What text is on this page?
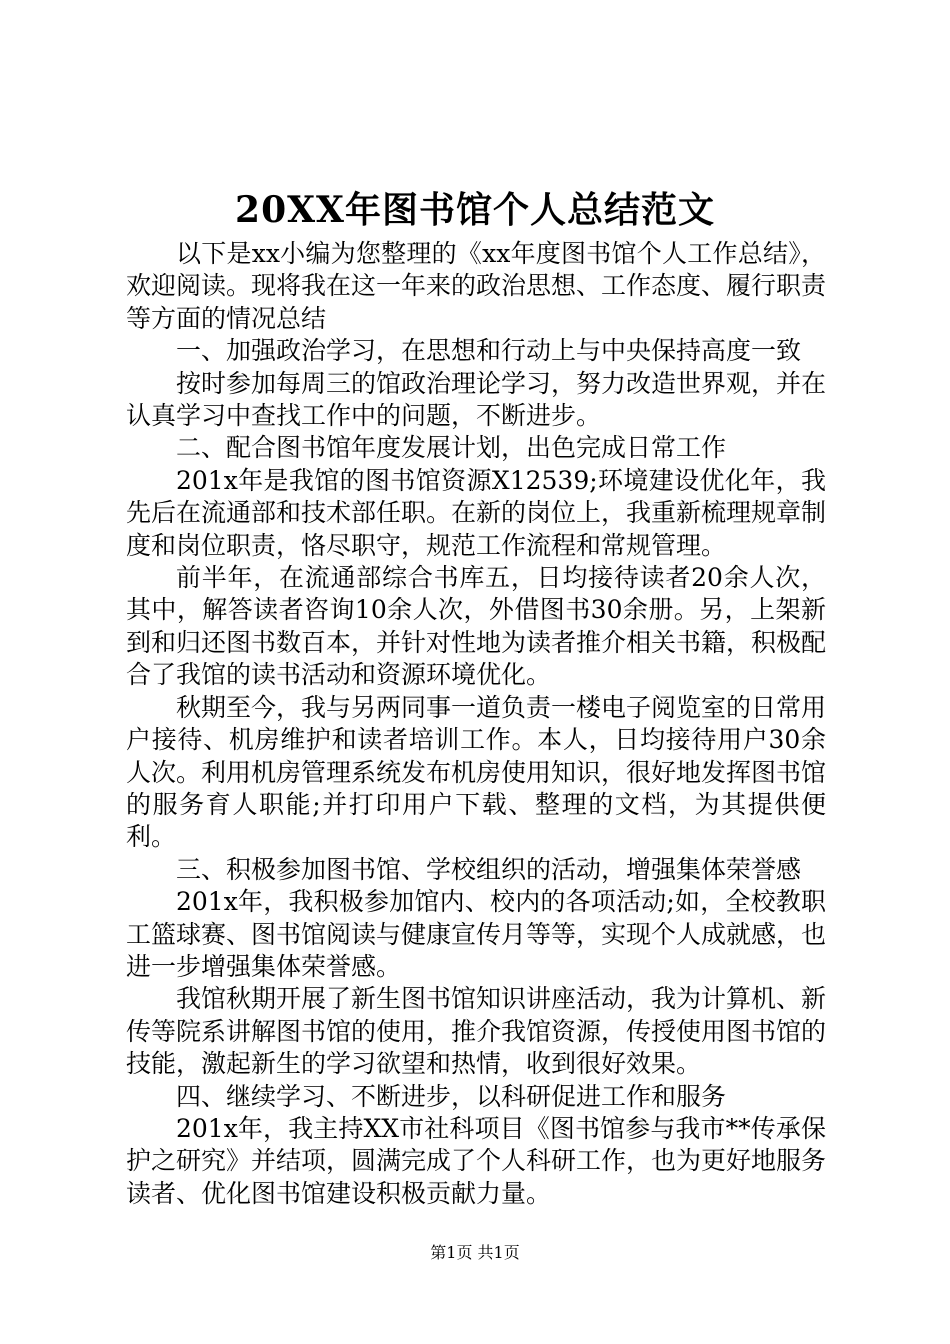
20XX年图书馆个人总结范文

以下是xx小编为您整理的《xx年度图书馆个人工作总结》，欢迎阅读。现将我在这一年来的政治思想、工作态度、履行职责等方面的情况总结

一、加强政治学习，在思想和行动上与中央保持高度一致

按时参加每周三的馆政治理论学习，努力改造世界观，并在认真学习中查找工作中的问题，不断进步。

二、配合图书馆年度发展计划，出色完成日常工作

201x年是我馆的图书馆资源X12539;环境建设优化年，我先后在流通部和技术部任职。在新的岗位上，我重新梳理规章制度和岗位职责，恪尽职守，规范工作流程和常规管理。

前半年，在流通部综合书库五，日均接待读者20余人次，其中，解答读者咨询10余人次，外借图书30余册。另，上架新到和归还图书数百本，并针对性地为读者推介相关书籍，积极配合了我馆的读书活动和资源环境优化。

秋期至今，我与另两同事一道负责一楼电子阅览室的日常用户接待、机房维护和读者培训工作。本人，日均接待用户30余人次。利用机房管理系统发布机房使用知识，很好地发挥图书馆的服务育人职能;并打印用户下载、整理的文档，为其提供便利。

三、积极参加图书馆、学校组织的活动，增强集体荣誉感

201x年，我积极参加馆内、校内的各项活动;如，全校教职工篮球赛、图书馆阅读与健康宣传月等等，实现个人成就感，也进一步增强集体荣誉感。

我馆秋期开展了新生图书馆知识讲座活动，我为计算机、新传等院系讲解图书馆的使用，推介我馆资源，传授使用图书馆的技能，激起新生的学习欲望和热情，收到很好效果。

四、继续学习、不断进步，以科研促进工作和服务

201x年，我主持XX市社科项目《图书馆参与我市**传承保护之研究》并结项，圆满完成了个人科研工作，也为更好地服务读者、优化图书馆建设积极贡献力量。

第1页 共1页
